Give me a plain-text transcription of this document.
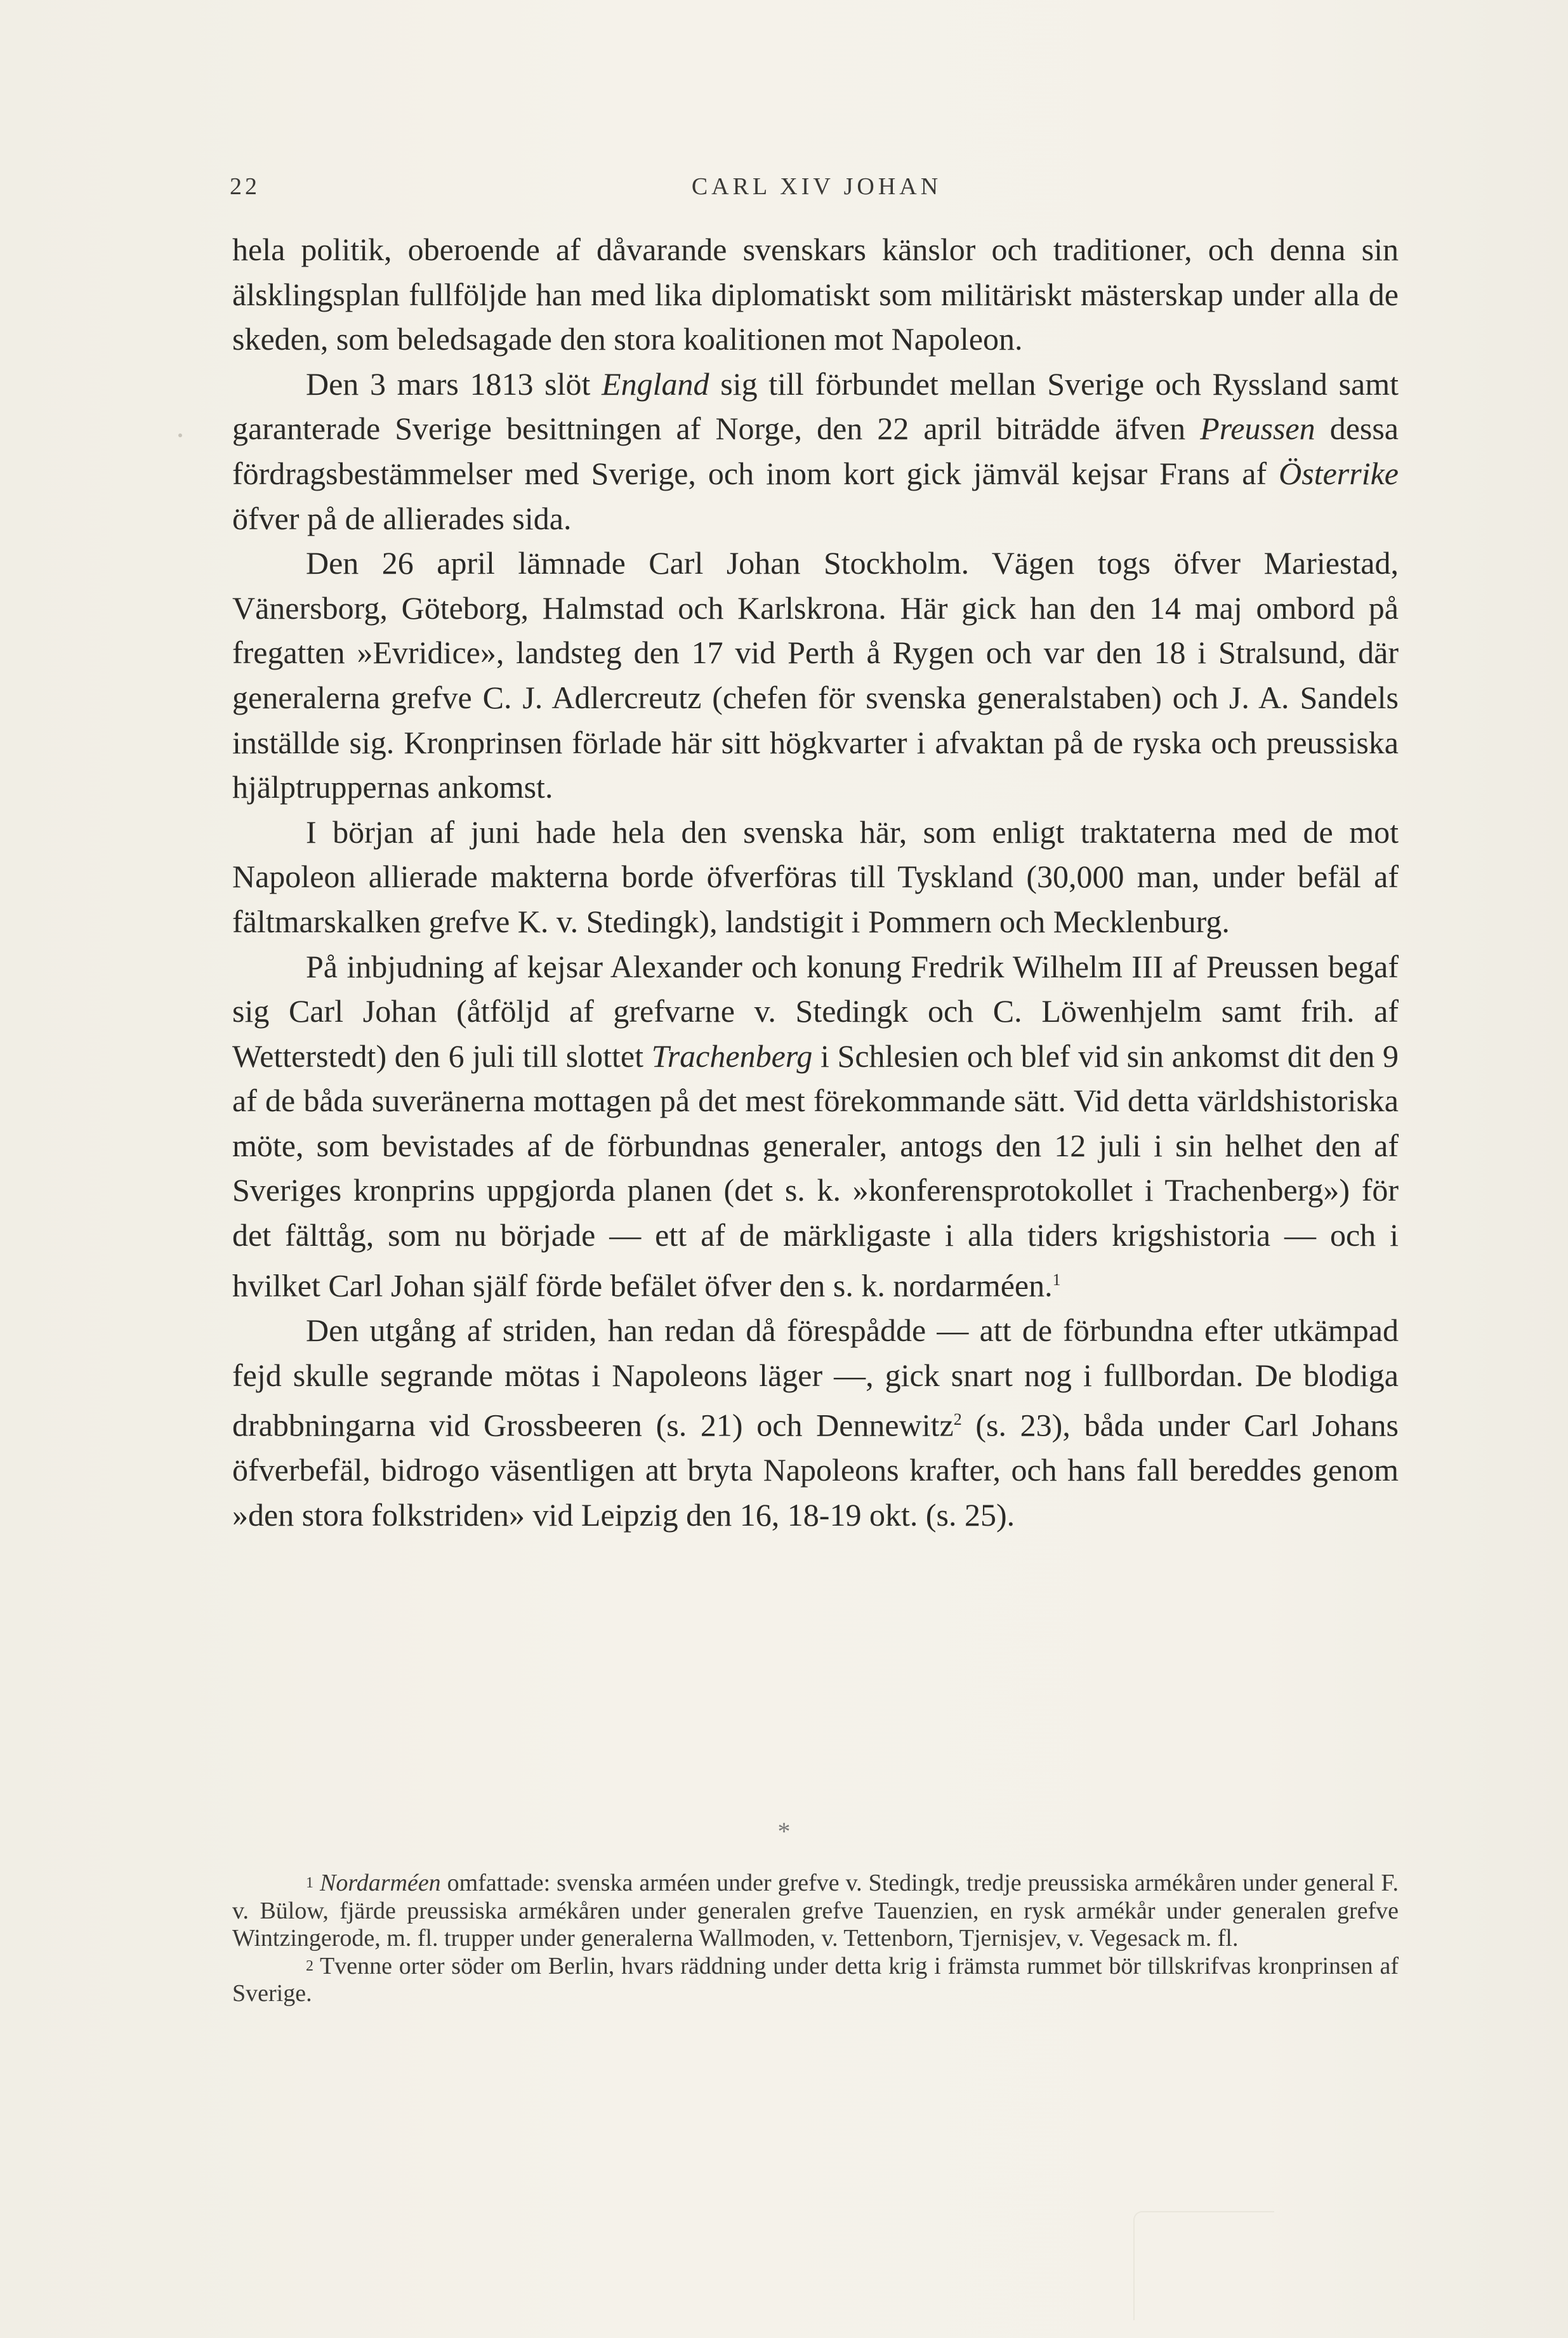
22	CARL XIV JOHAN

hela politik, oberoende af dåvarande svenskars känslor och traditioner, och denna sin älsklingsplan fullföljde han med lika diplomatiskt som militäriskt mästerskap under alla de skeden, som beledsagade den stora koalitionen mot Napoleon.

Den 3 mars 1813 slöt England sig till förbundet mellan Sverige och Ryssland samt garanterade Sverige besittningen af Norge, den 22 april biträdde äfven Preussen dessa fördragsbestämmelser med Sverige, och inom kort gick jämväl kejsar Frans af Österrike öfver på de allierades sida.

Den 26 april lämnade Carl Johan Stockholm. Vägen togs öfver Mariestad, Vänersborg, Göteborg, Halmstad och Karlskrona. Här gick han den 14 maj ombord på fregatten »Evridice», landsteg den 17 vid Perth å Rygen och var den 18 i Stralsund, där generalerna grefve C. J. Adlercreutz (chefen för svenska generalstaben) och J. A. Sandels inställde sig. Kronprinsen förlade här sitt högkvarter i afvaktan på de ryska och preussiska hjälptruppernas ankomst.

I början af juni hade hela den svenska här, som enligt traktaterna med de mot Napoleon allierade makterna borde öfverföras till Tyskland (30,000 man, under befäl af fältmarskalken grefve K. v. Stedingk), landstigit i Pommern och Mecklenburg.

På inbjudning af kejsar Alexander och konung Fredrik Wilhelm III af Preussen begaf sig Carl Johan (åtföljd af grefvarne v. Stedingk och C. Löwenhjelm samt frih. af Wetterstedt) den 6 juli till slottet Trachenberg i Schlesien och blef vid sin ankomst dit den 9 af de båda suveränerna mottagen på det mest förekommande sätt. Vid detta världshistoriska möte, som bevistades af de förbundnas generaler, antogs den 12 juli i sin helhet den af Sveriges kronprins uppgjorda planen (det s. k. »konferensprotokollet i Trachenberg») för det fälttåg, som nu började — ett af de märkligaste i alla tiders krigshistoria — och i hvilket Carl Johan själf förde befälet öfver den s. k. nordarméen.$^1$

Den utgång af striden, han redan då förespådde — att de förbundna efter utkämpad fejd skulle segrande mötas i Napoleons läger —, gick snart nog i fullbordan. De blodiga drabbningarna vid Grossbeeren (s. 21) och Dennewitz$^2$ (s. 23), båda under Carl Johans öfverbefäl, bidrogo väsentligen att bryta Napoleons krafter, och hans fall bereddes genom »den stora folkstriden» vid Leipzig den 16, 18-19 okt. (s. 25).

*

$^1$ Nordarméen omfattade: svenska arméen under grefve v. Stedingk, tredje preussiska armékåren under general F. v. Bülow, fjärde preussiska armékåren under generalen grefve Tauenzien, en rysk armékår under generalen grefve Wintzingerode, m. fl. trupper under generalerna Wallmoden, v. Tettenborn, Tjernisjev, v. Vegesack m. fl.

$^2$ Tvenne orter söder om Berlin, hvars räddning under detta krig i främsta rummet bör tillskrifvas kronprinsen af Sverige.
